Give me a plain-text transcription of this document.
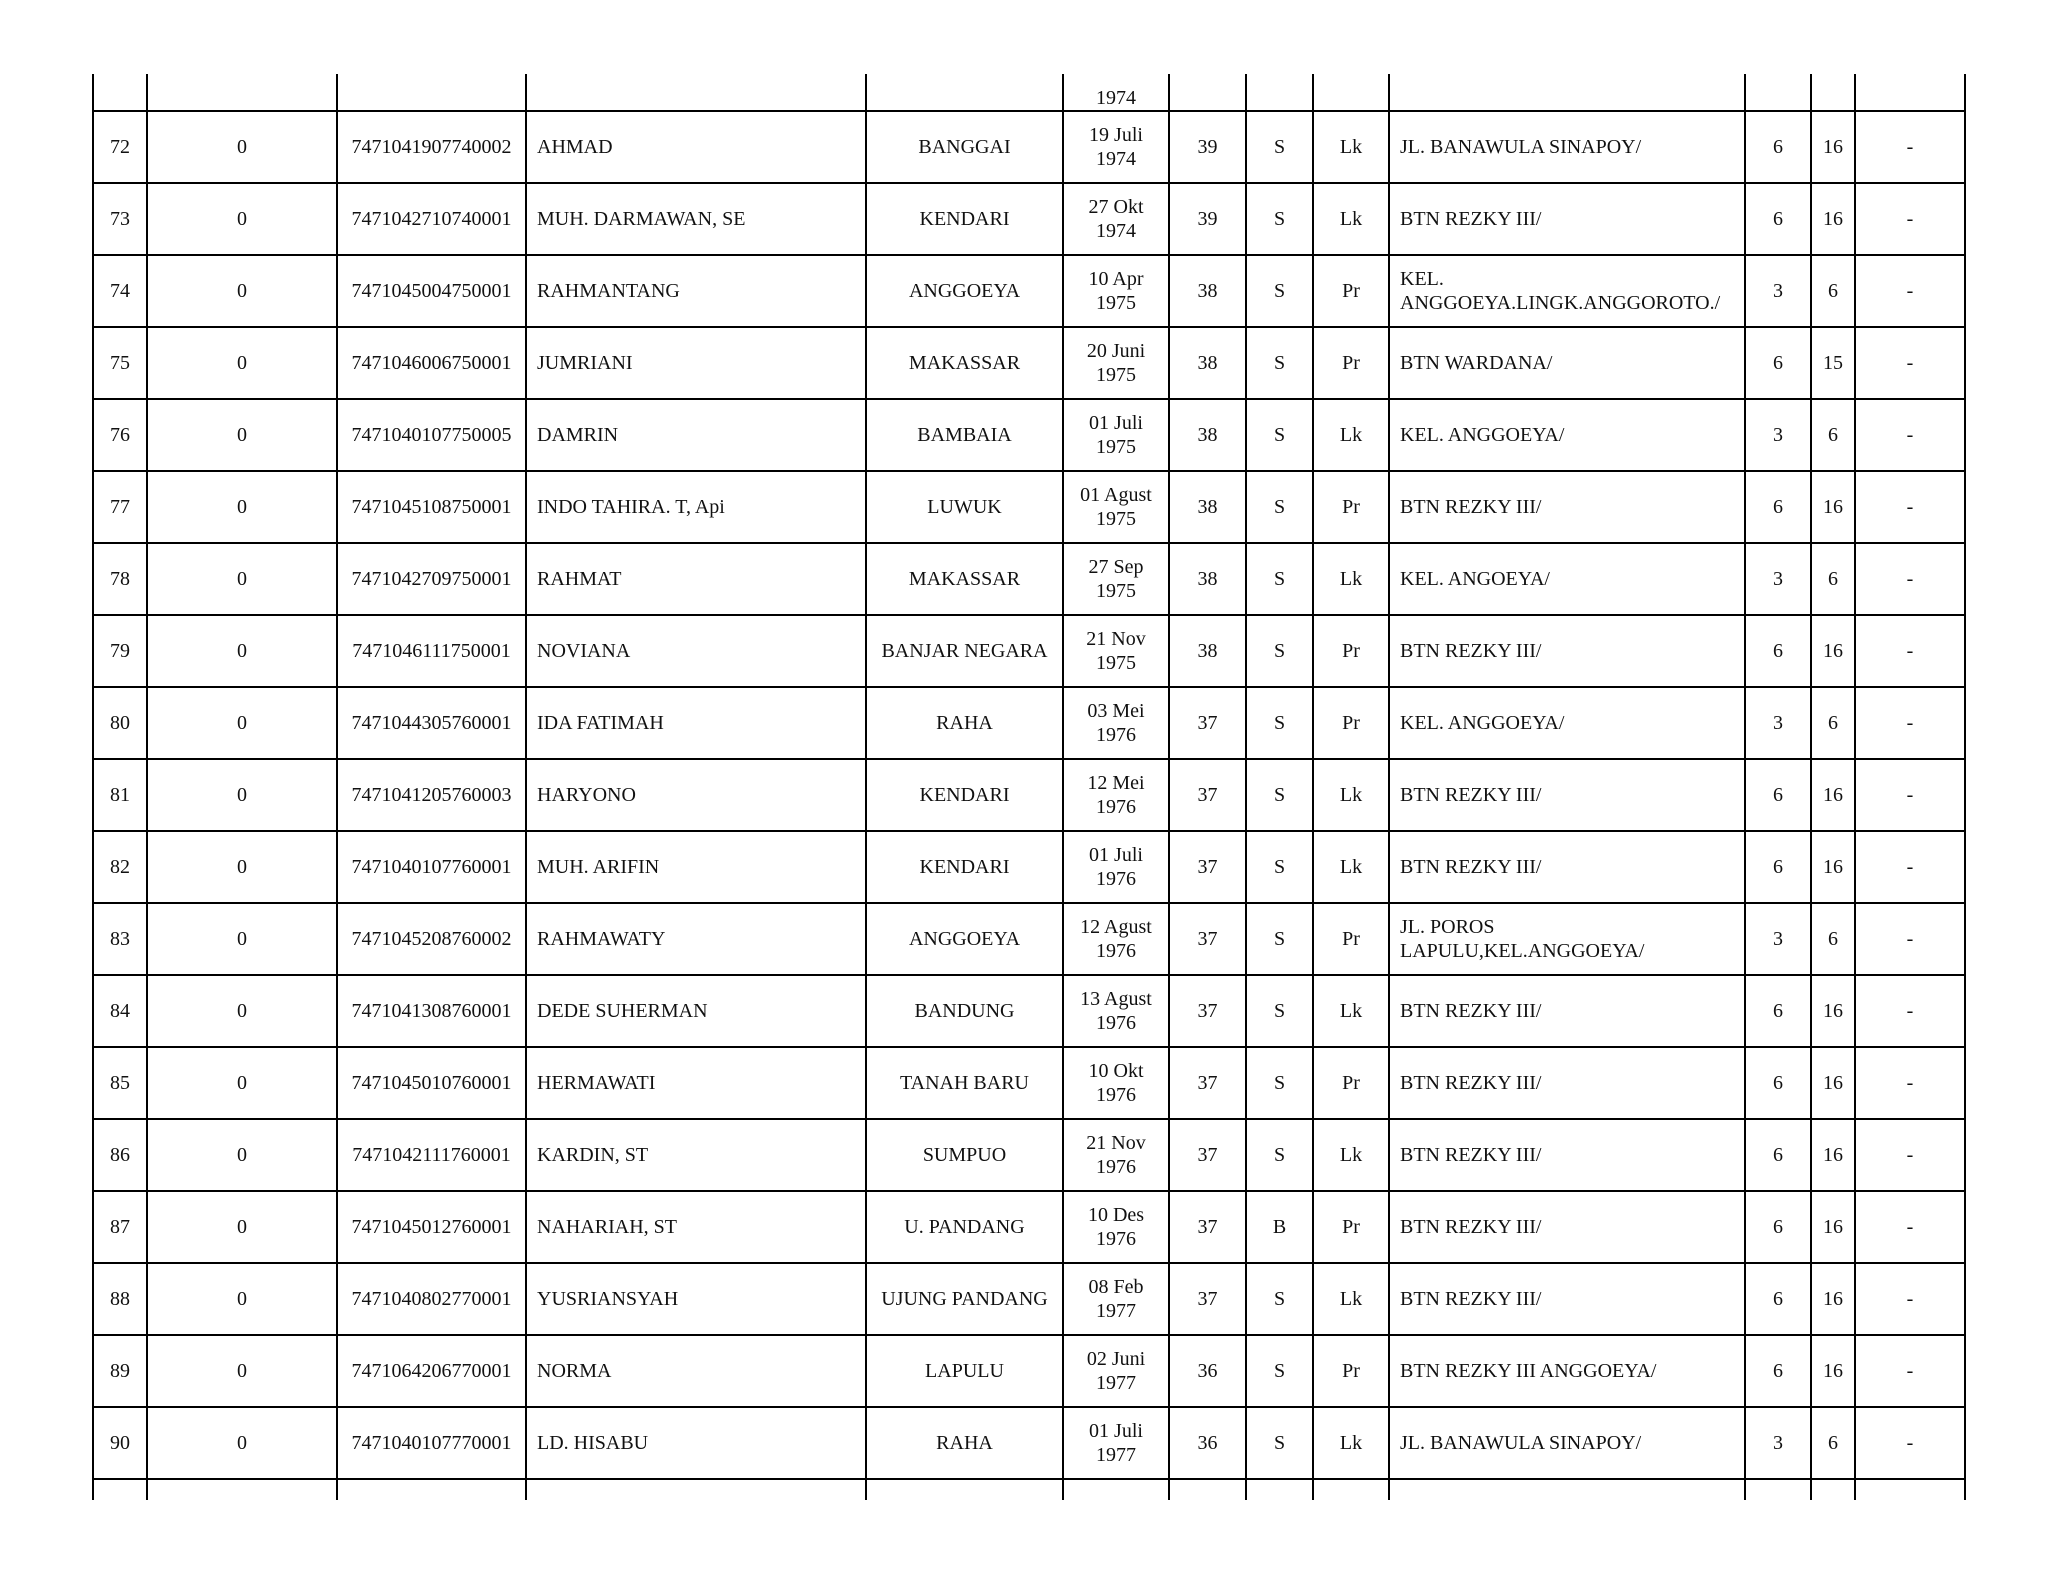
					1974							
72	0	7471041907740002	AHMAD	BANGGAI	19 Juli 1974	39	S	Lk	JL. BANAWULA SINAPOY/	6	16	-
73	0	7471042710740001	MUH. DARMAWAN, SE	KENDARI	27 Okt 1974	39	S	Lk	BTN REZKY III/	6	16	-
74	0	7471045004750001	RAHMANTANG	ANGGOEYA	10 Apr 1975	38	S	Pr	KEL. ANGGOEYA.LINGK.ANGGOROTO./	3	6	-
75	0	7471046006750001	JUMRIANI	MAKASSAR	20 Juni 1975	38	S	Pr	BTN WARDANA/	6	15	-
76	0	7471040107750005	DAMRIN	BAMBAIA	01 Juli 1975	38	S	Lk	KEL. ANGGOEYA/	3	6	-
77	0	7471045108750001	INDO TAHIRA. T, Api	LUWUK	01 Agust 1975	38	S	Pr	BTN REZKY III/	6	16	-
78	0	7471042709750001	RAHMAT	MAKASSAR	27 Sep 1975	38	S	Lk	KEL. ANGOEYA/	3	6	-
79	0	7471046111750001	NOVIANA	BANJAR NEGARA	21 Nov 1975	38	S	Pr	BTN REZKY III/	6	16	-
80	0	7471044305760001	IDA FATIMAH	RAHA	03 Mei 1976	37	S	Pr	KEL. ANGGOEYA/	3	6	-
81	0	7471041205760003	HARYONO	KENDARI	12 Mei 1976	37	S	Lk	BTN REZKY III/	6	16	-
82	0	7471040107760001	MUH. ARIFIN	KENDARI	01 Juli 1976	37	S	Lk	BTN REZKY III/	6	16	-
83	0	7471045208760002	RAHMAWATY	ANGGOEYA	12 Agust 1976	37	S	Pr	JL. POROS LAPULU,KEL.ANGGOEYA/	3	6	-
84	0	7471041308760001	DEDE SUHERMAN	BANDUNG	13 Agust 1976	37	S	Lk	BTN REZKY III/	6	16	-
85	0	7471045010760001	HERMAWATI	TANAH BARU	10 Okt 1976	37	S	Pr	BTN REZKY III/	6	16	-
86	0	7471042111760001	KARDIN, ST	SUMPUO	21 Nov 1976	37	S	Lk	BTN REZKY III/	6	16	-
87	0	7471045012760001	NAHARIAH, ST	U. PANDANG	10 Des 1976	37	B	Pr	BTN REZKY III/	6	16	-
88	0	7471040802770001	YUSRIANSYAH	UJUNG PANDANG	08 Feb 1977	37	S	Lk	BTN REZKY III/	6	16	-
89	0	7471064206770001	NORMA	LAPULU	02 Juni 1977	36	S	Pr	BTN REZKY III ANGGOEYA/	6	16	-
90	0	7471040107770001	LD. HISABU	RAHA	01 Juli 1977	36	S	Lk	JL. BANAWULA SINAPOY/	3	6	-
